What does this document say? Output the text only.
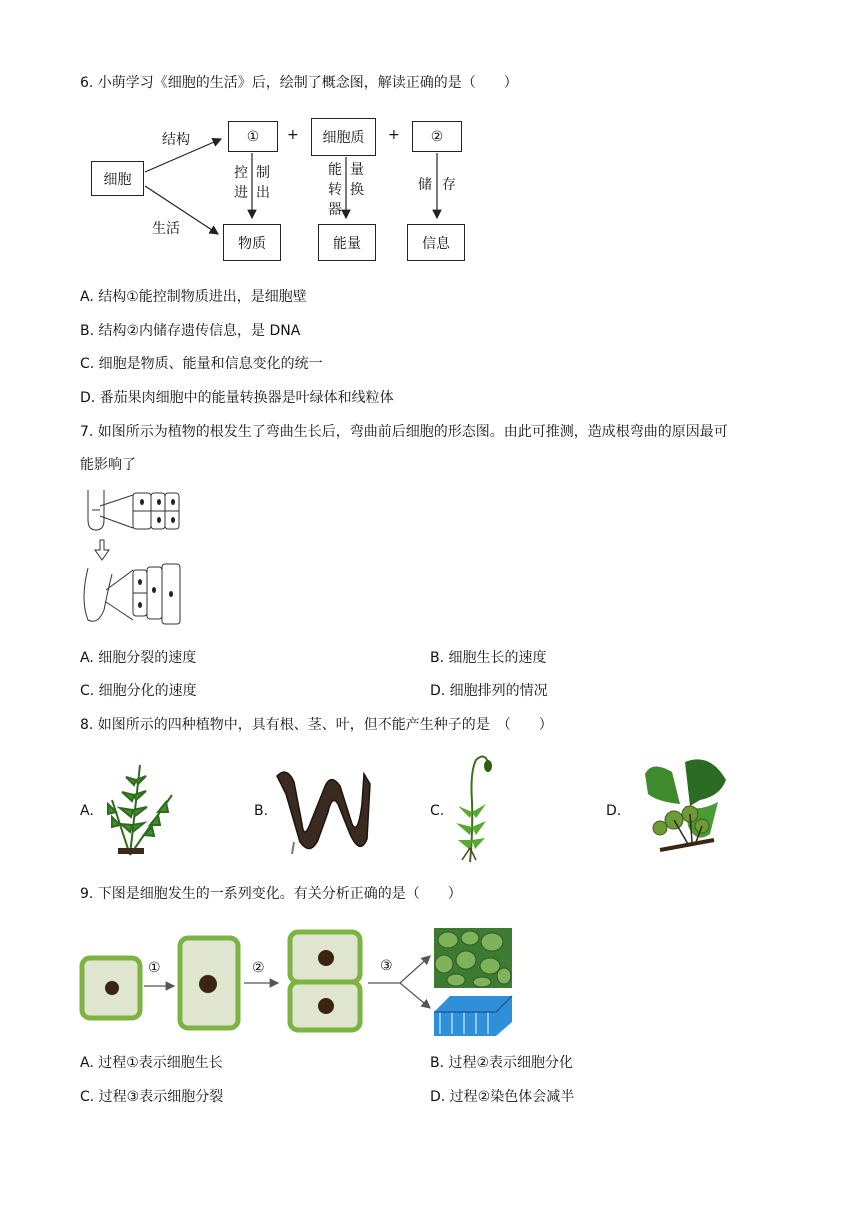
6. 小萌学习《细胞的生活》后，绘制了概念图，解读正确的是（　　）
细胞
①	细胞质	②
物质	能量	信息
结构
生活
+	+
控
进
制
出
能
转
器
量
换	储 存
A. 结构①能控制物质进出，是细胞壁
B. 结构②内储存遗传信息，是 DNA
C. 细胞是物质、能量和信息变化的统一
D. 番茄果肉细胞中的能量转换器是叶绿体和线粒体
7. 如图所示为植物的根发生了弯曲生长后，弯曲前后细胞的形态图。由此可推测，造成根弯曲的原因最可
能影响了
A. 细胞分裂的速度	B. 细胞生长的速度
C. 细胞分化的速度	D. 细胞排列的情况
8. 如图所示的四种植物中，具有根、茎、叶，但不能产生种子的是　（　　）
A.	B.	C.	D.
9. 下图是细胞发生的一系列变化。有关分析正确的是（　　）
①	②	③
A. 过程①表示细胞生长	B. 过程②表示细胞分化
C. 过程③表示细胞分裂	D. 过程②染色体会减半
